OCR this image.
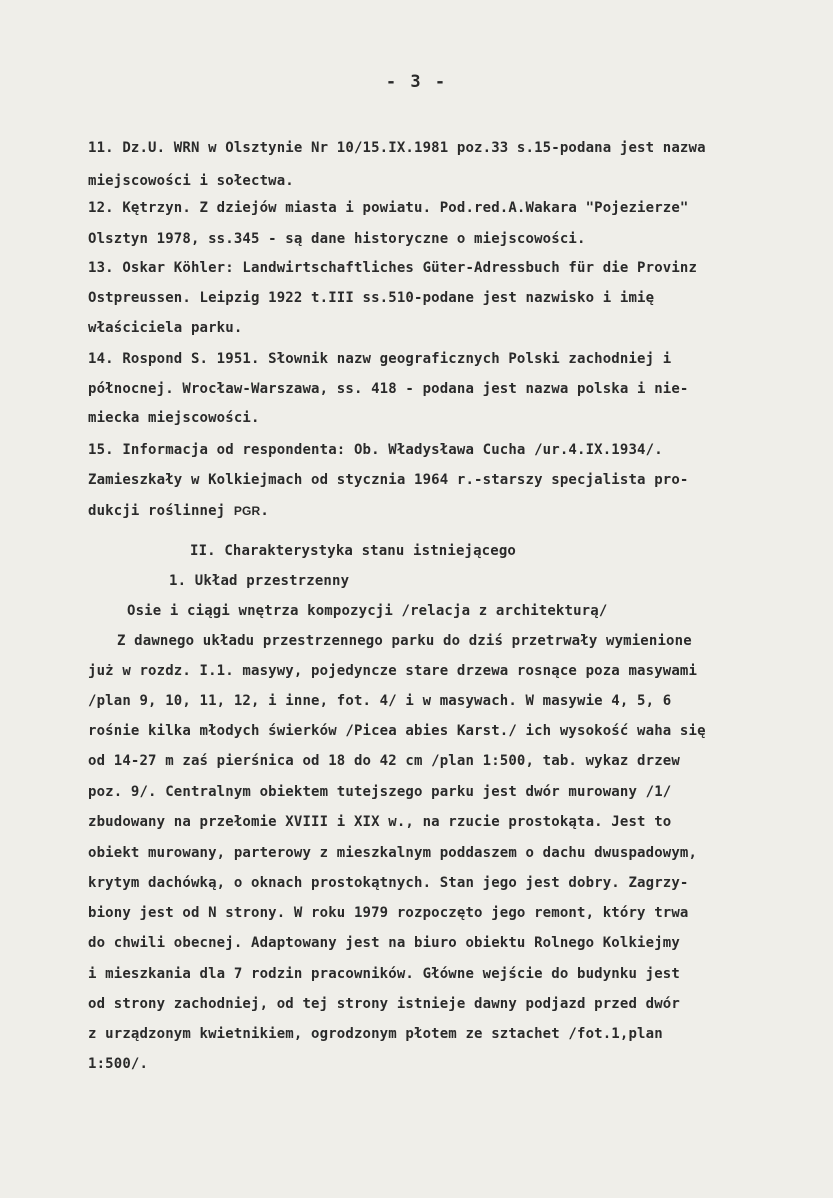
- 3 -
11. Dz.U. WRN w Olsztynie Nr 10/15.IX.1981 poz.33 s.15-podana jest nazwa
miejscowości i sołectwa.
12. Kętrzyn. Z dziejów miasta i powiatu. Pod.red.A.Wakara "Pojezierze"
Olsztyn 1978, ss.345 - są dane historyczne o miejscowości.
13. Oskar Köhler: Landwirtschaftliches Güter-Adressbuch für die Provinz
Ostpreussen. Leipzig 1922 t.III ss.510-podane jest nazwisko i imię
właściciela parku.
14. Rospond S. 1951. Słownik nazw geograficznych Polski zachodniej i
północnej. Wrocław-Warszawa, ss. 418 - podana jest nazwa polska i nie-
miecka miejscowości.
15. Informacja od respondenta: Ob. Władysława Cucha /ur.4.IX.1934/.
Zamieszkały w Kolkiejmach od stycznia 1964 r.-starszy specjalista pro-
dukcji roślinnej PGR.
II. Charakterystyka stanu istniejącego
1. Układ przestrzenny
Osie i ciągi wnętrza kompozycji /relacja z architekturą/
Z dawnego układu przestrzennego parku do dziś przetrwały wymienione
już w rozdz. I.1. masywy, pojedyncze stare drzewa rosnące poza masywami
/plan 9, 10, 11, 12, i inne, fot. 4/ i w masywach. W masywie 4, 5, 6
rośnie kilka młodych świerków /Picea abies Karst./ ich wysokość waha się
od 14-27 m zaś pierśnica od 18 do 42 cm /plan 1:500, tab. wykaz drzew
poz. 9/. Centralnym obiektem tutejszego parku jest dwór murowany /1/
zbudowany na przełomie XVIII i XIX w., na rzucie prostokąta. Jest to
obiekt murowany, parterowy z mieszkalnym poddaszem o dachu dwuspadowym,
krytym dachówką, o oknach prostokątnych. Stan jego jest dobry. Zagrzy-
biony jest od N strony. W roku 1979 rozpoczęto jego remont, który trwa
do chwili obecnej. Adaptowany jest na biuro obiektu Rolnego Kolkiejmy
i mieszkania dla 7 rodzin pracowników. Główne wejście do budynku jest
od strony zachodniej, od tej strony istnieje dawny podjazd przed dwór
z urządzonym kwietnikiem, ogrodzonym płotem ze sztachet /fot.1,plan
1:500/.
